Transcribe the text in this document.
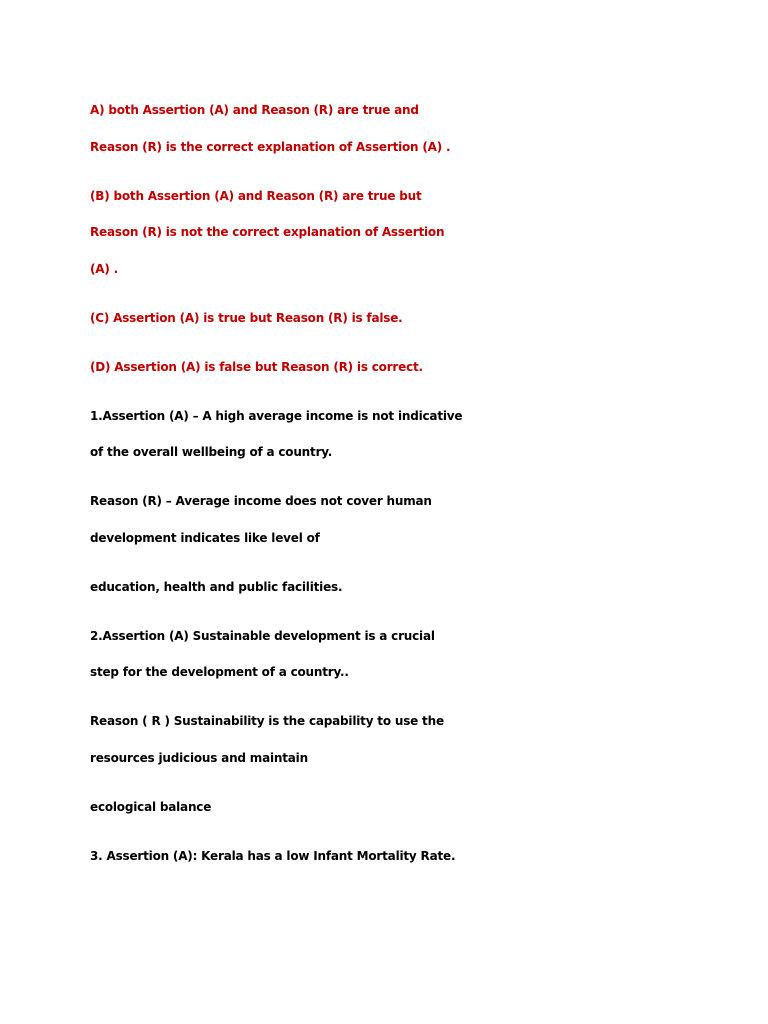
A) both Assertion (A) and Reason (R) are true and
Reason (R) is the correct explanation of Assertion (A) .

(B) both Assertion (A) and Reason (R) are true but
Reason (R) is not the correct explanation of Assertion
(A) .

(C) Assertion (A) is true but Reason (R) is false.

(D) Assertion (A) is false but Reason (R) is correct.

1.Assertion (A) – A high average income is not indicative
of the overall wellbeing of a country.

Reason (R) – Average income does not cover human
development indicates like level of

education, health and public facilities.

2.Assertion (A) Sustainable development is a crucial
step for the development of a country..

Reason ( R ) Sustainability is the capability to use the
resources judicious and maintain

ecological balance

3. Assertion (A): Kerala has a low Infant Mortality Rate.
